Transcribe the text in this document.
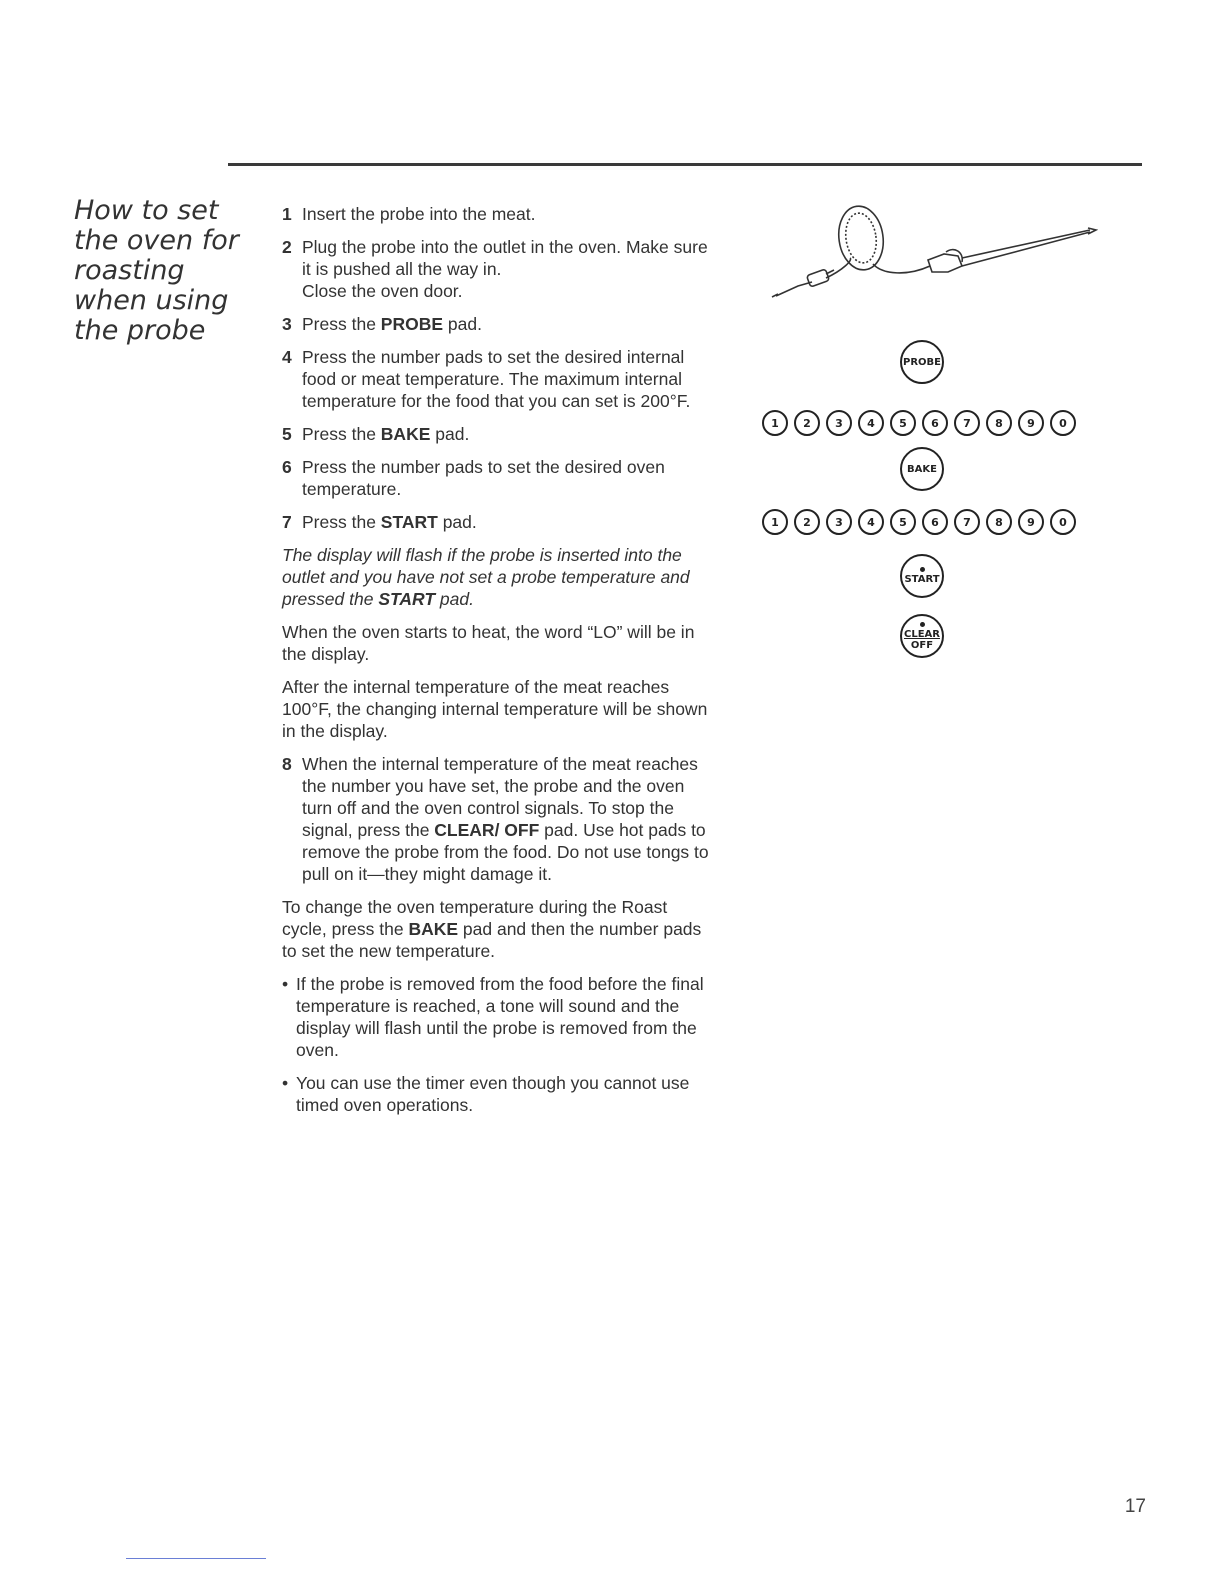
How to set the oven for roasting when using the probe
1 Insert the probe into the meat.
2 Plug the probe into the outlet in the oven. Make sure it is pushed all the way in.
Close the oven door.
3 Press the PROBE pad.
4 Press the number pads to set the desired internal food or meat temperature. The maximum internal temperature for the food that you can set is 200°F.
5 Press the BAKE pad.
6 Press the number pads to set the desired oven temperature.
7 Press the START pad.

The display will flash if the probe is inserted into the outlet and you have not set a probe temperature and pressed the START pad.

When the oven starts to heat, the word “LO” will be in the display.

After the internal temperature of the meat reaches 100°F, the changing internal temperature will be shown in the display.

8 When the internal temperature of the meat reaches the number you have set, the probe and the oven turn off and the oven control signals. To stop the signal, press the CLEAR/ OFF pad. Use hot pads to remove the probe from the food. Do not use tongs to pull on it—they might damage it.

To change the oven temperature during the Roast cycle, press the BAKE pad and then the number pads to set the new temperature.

• If the probe is removed from the food before the final temperature is reached, a tone will sound and the display will flash until the probe is removed from the oven.
• You can use the timer even though you cannot use timed oven operations.
PROBE
1	2	3	4	5	6	7	8	9	0
BAKE
1	2	3	4	5	6	7	8	9	0
START
CLEAR
OFF
17
